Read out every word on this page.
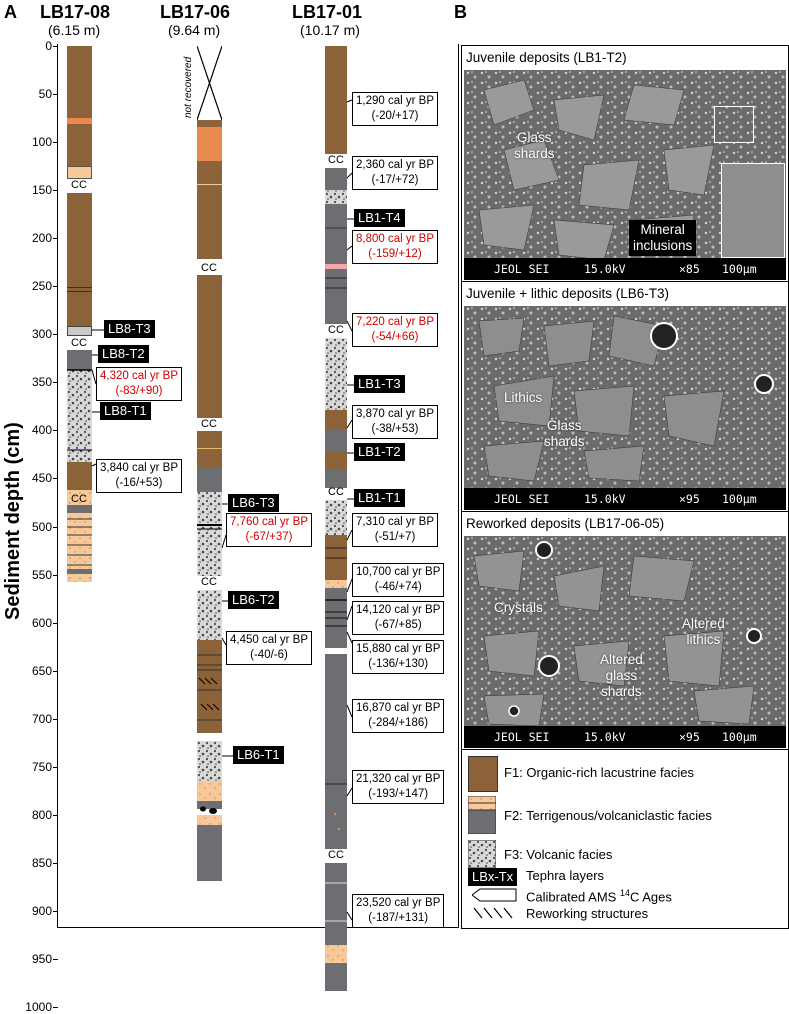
A	B
LB17-08
(6.15 m)
LB17-06
(9.64 m)
LB17-01
(10.17 m)
Sediment depth (cm)
0
50
100
150
200
250
300
350
400
450
500
550
600
650
700
750
800
850
900
950
1000
CC
CC
CC
not recovered
CC
CC
CC
CC
CC
CC
CC
LB8-T3
LB8-T2
LB8-T1
LB6-T3
LB6-T2
LB6-T1
LB1-T4
LB1-T3
LB1-T2
LB1-T1
4,320 cal yr BP
(-83/+90)
3,840 cal yr BP
(-16/+53)
7,760 cal yr BP
(-67/+37)
4,450 cal yr BP
(-40/-6)
1,290 cal yr BP
(-20/+17)
2,360 cal yr BP
(-17/+72)
8,800 cal yr BP
(-159/+12)
7,220 cal yr BP
(-54/+66)
3,870 cal yr BP
(-38/+53)
7,310 cal yr BP
(-51/+7)
10,700 cal yr BP
(-46/+74)
14,120 cal yr BP
(-67/+85)
15,880 cal yr BP
(-136/+130)
16,870 cal yr BP
(-284/+186)
21,320 cal yr BP
(-193/+147)
23,520 cal yr BP
(-187/+131)
Juvenile deposits (LB1-T2)
Glass
shards
Mineral
inclusions
JEOL SEI	15.0kV	×85 100μm
Juvenile + lithic deposits (LB6-T3)
Lithics
Glass
shards
JEOL SEI	15.0kV	×95 100μm
Reworked deposits (LB17-06-05)
Crystals
Altered
glass
shards
Altered
lithics
JEOL SEI	15.0kV	×95 100μm
F1: Organic-rich lacustrine facies
F2: Terrigenous/volcaniclastic facies
F3: Volcanic facies
LBx-Tx Tephra layers
Calibrated AMS $^{14}$C Ages
Reworking structures
